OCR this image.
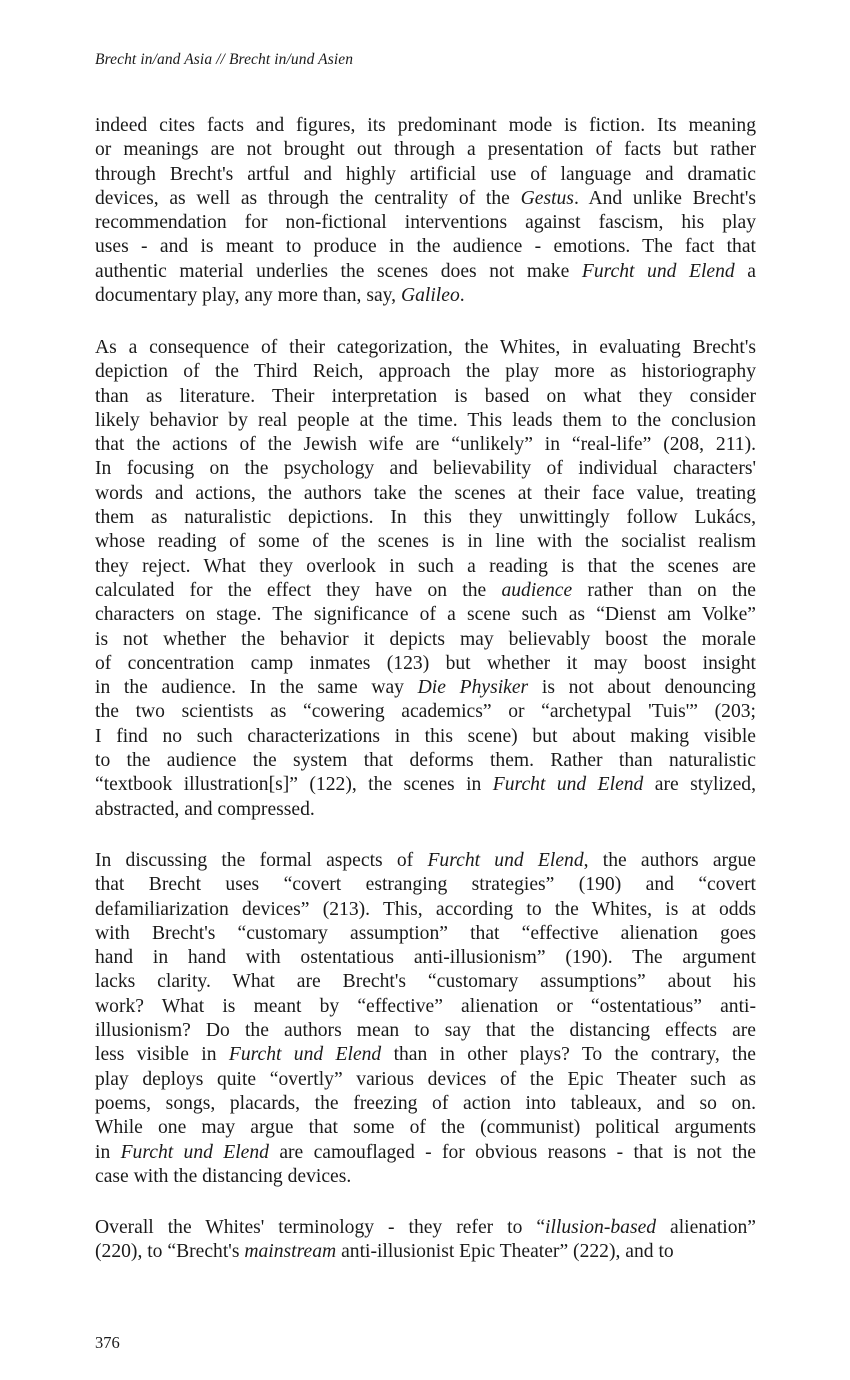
Brecht in/and Asia // Brecht in/und Asien
indeed cites facts and figures, its predominant mode is fiction. Its meaning
or meanings are not brought out through a presentation of facts but rather
through Brecht's artful and highly artificial use of language and dramatic
devices, as well as through the centrality of the Gestus. And unlike Brecht's
recommendation for non-fictional interventions against fascism, his play
uses - and is meant to produce in the audience - emotions. The fact that
authentic material underlies the scenes does not make Furcht und Elend a
documentary play, any more than, say, Galileo.
As a consequence of their categorization, the Whites, in evaluating Brecht's
depiction of the Third Reich, approach the play more as historiography
than as literature. Their interpretation is based on what they consider
likely behavior by real people at the time. This leads them to the conclusion
that the actions of the Jewish wife are “unlikely” in “real-life” (208, 211).
In focusing on the psychology and believability of individual characters'
words and actions, the authors take the scenes at their face value, treating
them as naturalistic depictions. In this they unwittingly follow Lukács,
whose reading of some of the scenes is in line with the socialist realism
they reject. What they overlook in such a reading is that the scenes are
calculated for the effect they have on the audience rather than on the
characters on stage. The significance of a scene such as “Dienst am Volke”
is not whether the behavior it depicts may believably boost the morale
of concentration camp inmates (123) but whether it may boost insight
in the audience. In the same way Die Physiker is not about denouncing
the two scientists as “cowering academics” or “archetypal 'Tuis'” (203;
I find no such characterizations in this scene) but about making visible
to the audience the system that deforms them. Rather than naturalistic
“textbook illustration[s]” (122), the scenes in Furcht und Elend are stylized,
abstracted, and compressed.
In discussing the formal aspects of Furcht und Elend, the authors argue
that Brecht uses “covert estranging strategies” (190) and “covert
defamiliarization devices” (213). This, according to the Whites, is at odds
with Brecht's “customary assumption” that “effective alienation goes
hand in hand with ostentatious anti-illusionism” (190). The argument
lacks clarity. What are Brecht's “customary assumptions” about his
work? What is meant by “effective” alienation or “ostentatious” anti-
illusionism? Do the authors mean to say that the distancing effects are
less visible in Furcht und Elend than in other plays? To the contrary, the
play deploys quite “overtly” various devices of the Epic Theater such as
poems, songs, placards, the freezing of action into tableaux, and so on.
While one may argue that some of the (communist) political arguments
in Furcht und Elend are camouflaged - for obvious reasons - that is not the
case with the distancing devices.
Overall the Whites' terminology - they refer to “illusion-based alienation”
(220), to “Brecht's mainstream anti-illusionist Epic Theater” (222), and to
376
